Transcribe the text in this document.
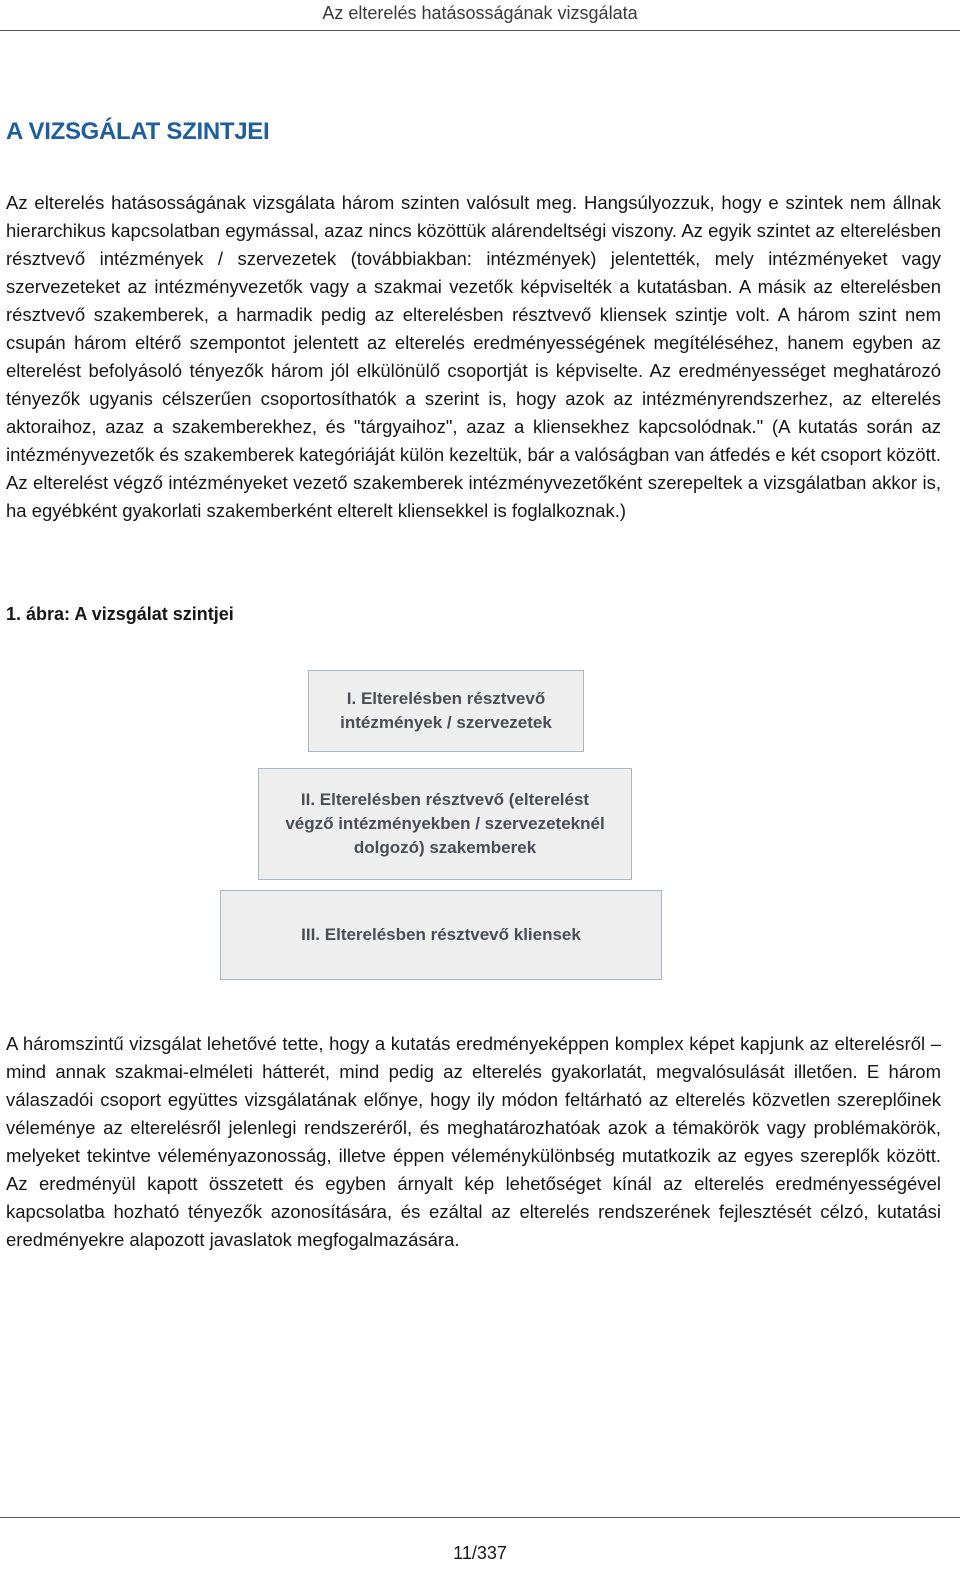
Az elterelés hatásosságának vizsgálata
A VIZSGÁLAT SZINTJEI

Az elterelés hatásosságának vizsgálata három szinten valósult meg. Hangsúlyozzuk, hogy e szintek nem állnak hierarchikus kapcsolatban egymással, azaz nincs közöttük alárendeltségi viszony. Az egyik szintet az elterelésben résztvevő intézmények / szervezetek (továbbiakban: intézmények) jelentették, mely intézményeket vagy szervezeteket az intézményvezetők vagy a szakmai vezetők képviselték a kutatásban. A másik az elterelésben résztvevő szakemberek, a harmadik pedig az elterelésben résztvevő kliensek szintje volt. A három szint nem csupán három eltérő szempontot jelentett az elterelés eredményességének megítéléséhez, hanem egyben az elterelést befolyásoló tényezők három jól elkülönülő csoportját is képviselte. Az eredményességet meghatározó tényezők ugyanis célszerűen csoportosíthatók a szerint is, hogy azok az intézményrendszerhez, az elterelés aktoraihoz, azaz a szakemberekhez, és "tárgyaihoz", azaz a kliensekhez kapcsolódnak." (A kutatás során az intézményvezetők és szakemberek kategóriáját külön kezeltük, bár a valóságban van átfedés e két csoport között. Az elterelést végző intézményeket vezető szakemberek intézményvezetőként szerepeltek a vizsgálatban akkor is, ha egyébként gyakorlati szakemberként elterelt kliensekkel is foglalkoznak.)

1. ábra: A vizsgálat szintjei

I. Elterelésben résztvevő intézmények / szervezetek
II. Elterelésben résztvevő (elterelést végző intézményekben / szervezeteknél dolgozó) szakemberek
III. Elterelésben résztvevő kliensek

A háromszintű vizsgálat lehetővé tette, hogy a kutatás eredményeképpen komplex képet kapjunk az elterelésről – mind annak szakmai-elméleti hátterét, mind pedig az elterelés gyakorlatát, megvalósulását illetően. E három válaszadói csoport együttes vizsgálatának előnye, hogy ily módon feltárható az elterelés közvetlen szereplőinek véleménye az elterelésről jelenlegi rendszeréről, és meghatározhatóak azok a témakörök vagy problémakörök, melyeket tekintve véleményazonosság, illetve éppen véleménykülönbség mutatkozik az egyes szereplők között. Az eredményül kapott összetett és egyben árnyalt kép lehetőséget kínál az elterelés eredményességével kapcsolatba hozható tényezők azonosítására, és ezáltal az elterelés rendszerének fejlesztését célzó, kutatási eredményekre alapozott javaslatok megfogalmazására.

11/337
